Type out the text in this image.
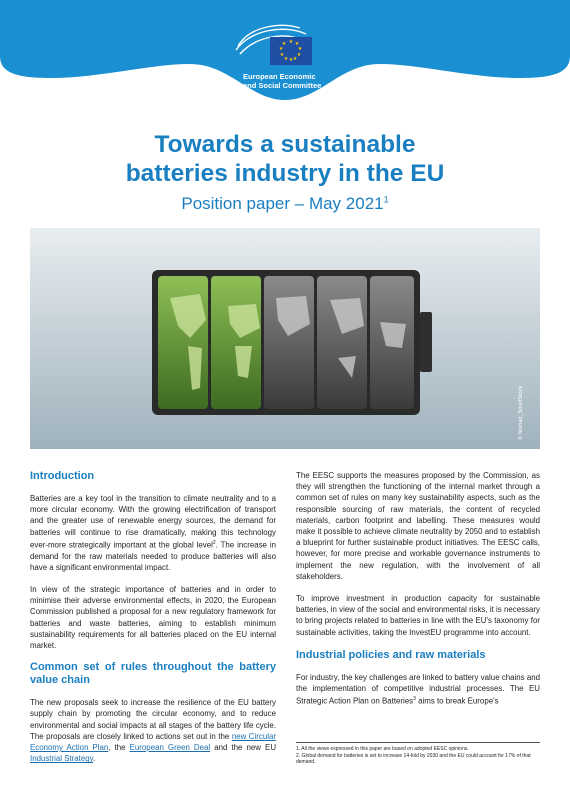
★ ★
★
★
★
★
★
★
★
★
European Economic
and Social Committee
Towards a sustainable
batteries industry in the EU
Position paper – May 2021$^1$
© Nomad_Soul/IStock
Introduction

Batteries are a key tool in the transition to climate neutrality and to a more circular economy. With the growing electrification of transport and the greater use of renewable energy sources, the demand for batteries will continue to rise dramatically, making this technology ever-more strategically important at the global level$^2$. The increase in demand for the raw materials needed to produce batteries will also have a significant environmental impact.

In view of the strategic importance of batteries and in order to minimise their adverse environmental effects, in 2020, the European Commission published a proposal for a new regulatory framework for batteries and waste batteries, aiming to establish minimum sustainability requirements for all batteries placed on the EU internal market.

Common set of rules throughout the battery value chain

The new proposals seek to increase the resilience of the EU battery supply chain by promoting the circular economy, and to reduce environmental and social impacts at all stages of the battery life cycle. The proposals are closely linked to actions set out in the new Circular Economy Action Plan, the European Green Deal and the new EU Industrial Strategy.

The EESC supports the measures proposed by the Commission, as they will strengthen the functioning of the internal market through a common set of rules on many key sustainability aspects, such as the responsible sourcing of raw materials, the content of recycled materials, carbon footprint and labelling. These measures would make it possible to achieve climate neutrality by 2050 and to establish a blueprint for further sustainable product initiatives. The EESC calls, however, for more precise and workable governance instruments to implement the new regulation, with the involvement of all stakeholders.

To improve investment in production capacity for sustainable batteries, in view of the social and environmental risks, it is necessary to bring projects related to batteries in line with the EU's taxonomy for sustainable activities, taking the InvestEU programme into account.

Industrial policies and raw materials

For industry, the key challenges are linked to battery value chains and the implementation of competitive industrial processes. The EU Strategic Action Plan on Batteries$^3$ aims to break Europe's

1. All the views expressed in this paper are based on adopted EESC opinions.
2. Global demand for batteries is set to increase 14-fold by 2030 and the EU could account for 17% of that demand.
